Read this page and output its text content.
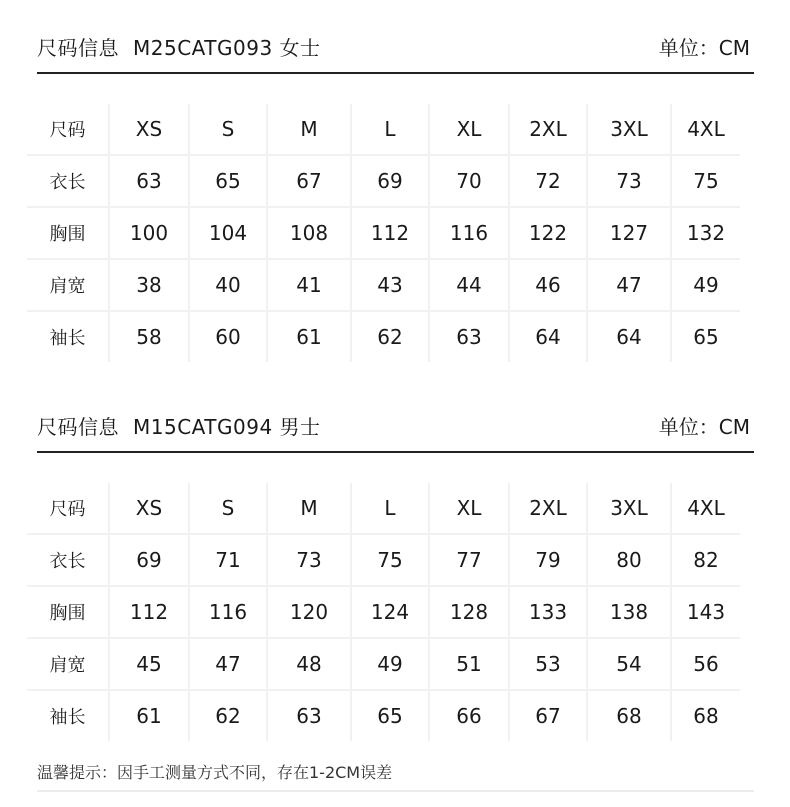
尺码信息 M25CATG093 女士	单位：CM
尺码	XS	S	M	L	XL	2XL	3XL	4XL
衣长	63	65	67	69	70	72	73	75
胸围	100	104	108	112	116	122	127	132
肩宽	38	40	41	43	44	46	47	49
袖长	58	60	61	62	63	64	64	65
尺码信息 M15CATG094 男士	单位：CM
尺码	XS	S	M	L	XL	2XL	3XL	4XL
衣长	69	71	73	75	77	79	80	82
胸围	112	116	120	124	128	133	138	143
肩宽	45	47	48	49	51	53	54	56
袖长	61	62	63	65	66	67	68	68
温馨提示：因手工测量方式不同，存在1-2CM误差
